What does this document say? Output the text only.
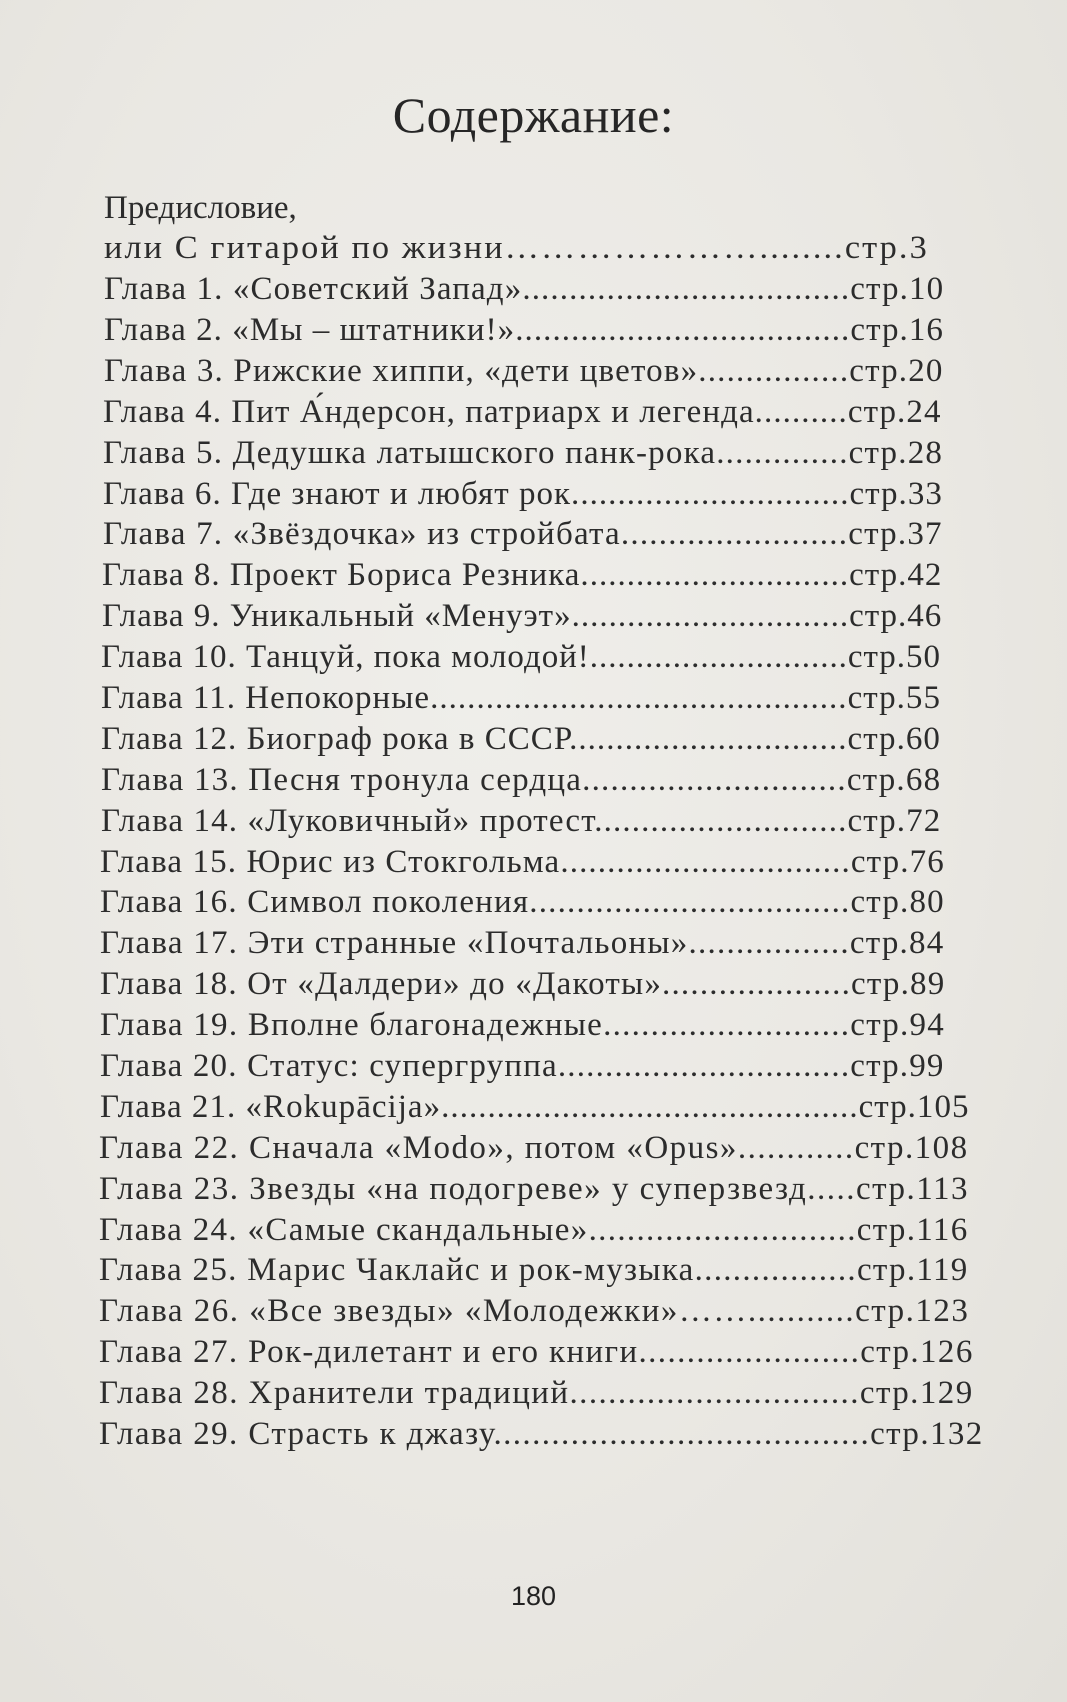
Содержание:
Предисловие,
или С гитарой по жизни…………………........стр.3
Глава 1. «Советский Запад»...................................стр.10
Глава 2. «Мы – штатники!»....................................стр.16
Глава 3. Рижские хиппи, «дети цветов»................стр.20
Глава 4. Пит А́ндерсон, патриарх и легенда..........стр.24
Глава 5. Дедушка латышского панк-рока..............стр.28
Глава 6. Где знают и любят рок..............................стр.33
Глава 7. «Звёздочка» из стройбата........................стр.37
Глава 8. Проект Бориса Резника.............................стр.42
Глава 9. Уникальный «Менуэт»..............................стр.46
Глава 10. Танцуй, пока молодой!............................стр.50
Глава 11. Непокорные.............................................стр.55
Глава 12. Биограф рока в СССР..............................стр.60
Глава 13. Песня тронула сердца............................стр.68
Глава 14. «Луковичный» протест...........................стр.72
Глава 15. Юрис из Стокгольма...............................стр.76
Глава 16. Символ поколения..................................стр.80
Глава 17. Эти странные «Почтальоны».................стр.84
Глава 18. От «Далдери» до «Дакоты»....................стр.89
Глава 19. Вполне благонадежные..........................стр.94
Глава 20. Статус: супергруппа...............................стр.99
Глава 21. «Rokupācija».............................................стр.105
Глава 22. Сначала «Modo», потом «Opus»............стр.108
Глава 23. Звезды «на подогреве» у суперзвезд.....стр.113
Глава 24. «Самые скандальные»............................стр.116
Глава 25. Марис Чаклайс и рок-музыка.................стр.119
Глава 26. «Все звезды» «Молодежки»……...........стр.123
Глава 27. Рок-дилетант и его книги.......................стр.126
Глава 28. Хранители традиций..............................стр.129
Глава 29. Страсть к джазу.......................................стр.132
180
